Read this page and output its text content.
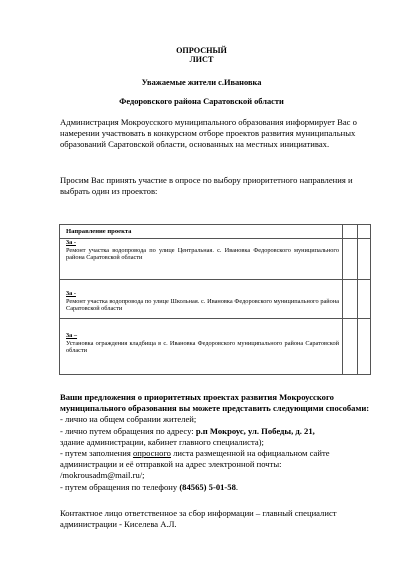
ОПРОСНЫЙ
ЛИСТ
Уважаемые жители с.Ивановка
Федоровского района Саратовской области
Администрация Мокроусского муниципального образования информирует Вас о намерении участвовать в конкурсном отборе проектов развития муниципальных образований Саратовской области, основанных на местных инициативах.
Просим Вас принять участие в опросе по выбору приоритетного направления и выбрать один из проектов:
Направление проекта
3а -
Ремонт участка водопровода по улице Центральная. с. Ивановка Федоровского муниципального района Саратовской области
3а -
Ремонт участка водопровода по улице Школьная. с. Ивановка Федоровского муниципального района Саратовской области
3а –
Установка ограждения кладбища в с. Ивановка Федоровского муниципального района Саратовской области
Ваши предложения о приоритетных проектах развития Мокроусского муниципального образования вы можете представить следующими способами:
- лично на общем собрании жителей;
- лично путем обращения по адресу: р.п Мокроус, ул. Победы, д. 21,
здание администрации, кабинет главного специалиста);
- путем заполнения опросного листа размещенной на официальном сайте администрации и её отправкой на адрес электронной почты:
/mokrousadm@mail.ru/;
- путем обращения по телефону (84565) 5-01-58.
Контактное лицо ответственное за сбор информации – главный специалист администрации - Киселева А.Л.
